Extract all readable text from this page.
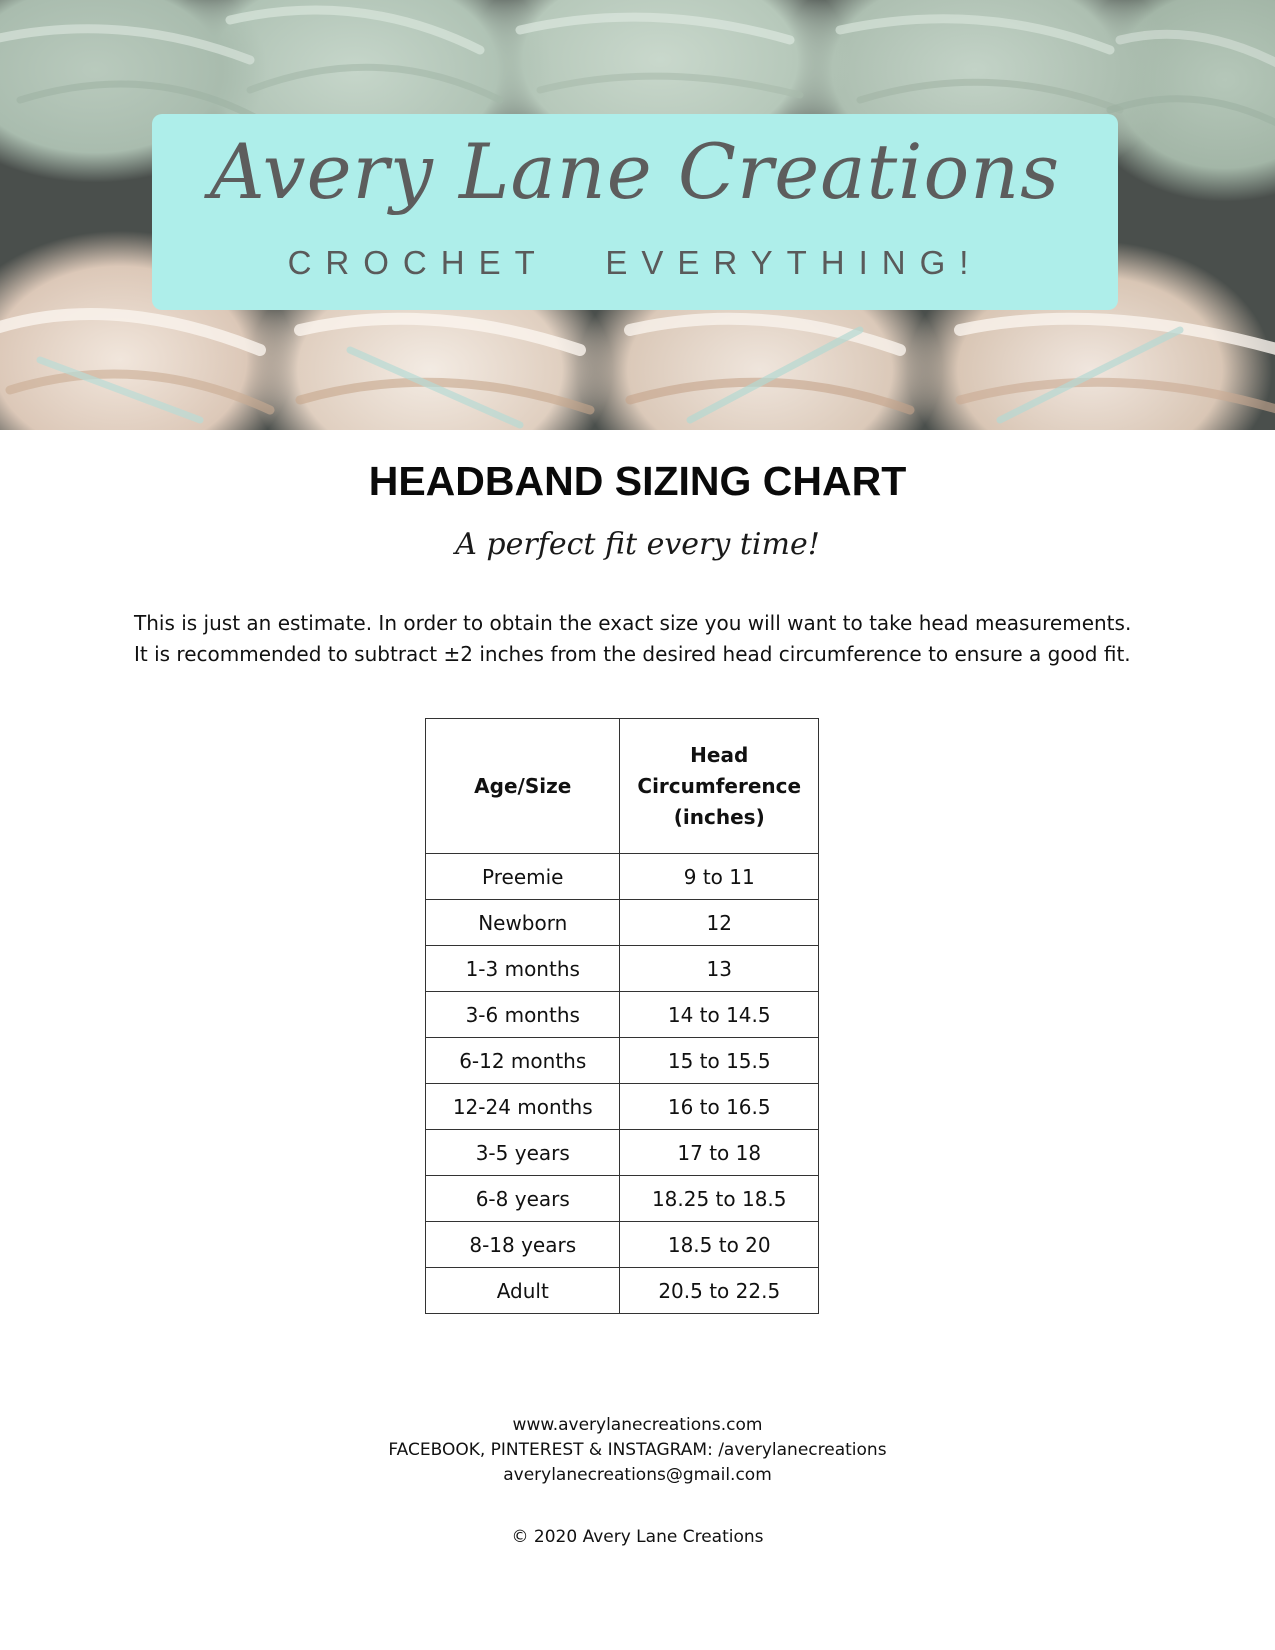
Avery Lane Creations
CROCHET EVERYTHING!
HEADBAND SIZING CHART
A perfect fit every time!

This is just an estimate. In order to obtain the exact size you will want to take head measurements.

It is recommended to subtract ±2 inches from the desired head circumference to ensure a good fit.

Age/Size	Head
Circumference
(inches)

Preemie	9 to 11
Newborn	12
1-3 months	13
3-6 months	14 to 14.5
6-12 months	15 to 15.5
12-24 months	16 to 16.5
3-5 years	17 to 18
6-8 years	18.25 to 18.5
8-18 years	18.5 to 20
Adult	20.5 to 22.5
www.averylanecreations.com
FACEBOOK, PINTEREST & INSTAGRAM: /averylanecreations
averylanecreations@gmail.com
© 2020 Avery Lane Creations
